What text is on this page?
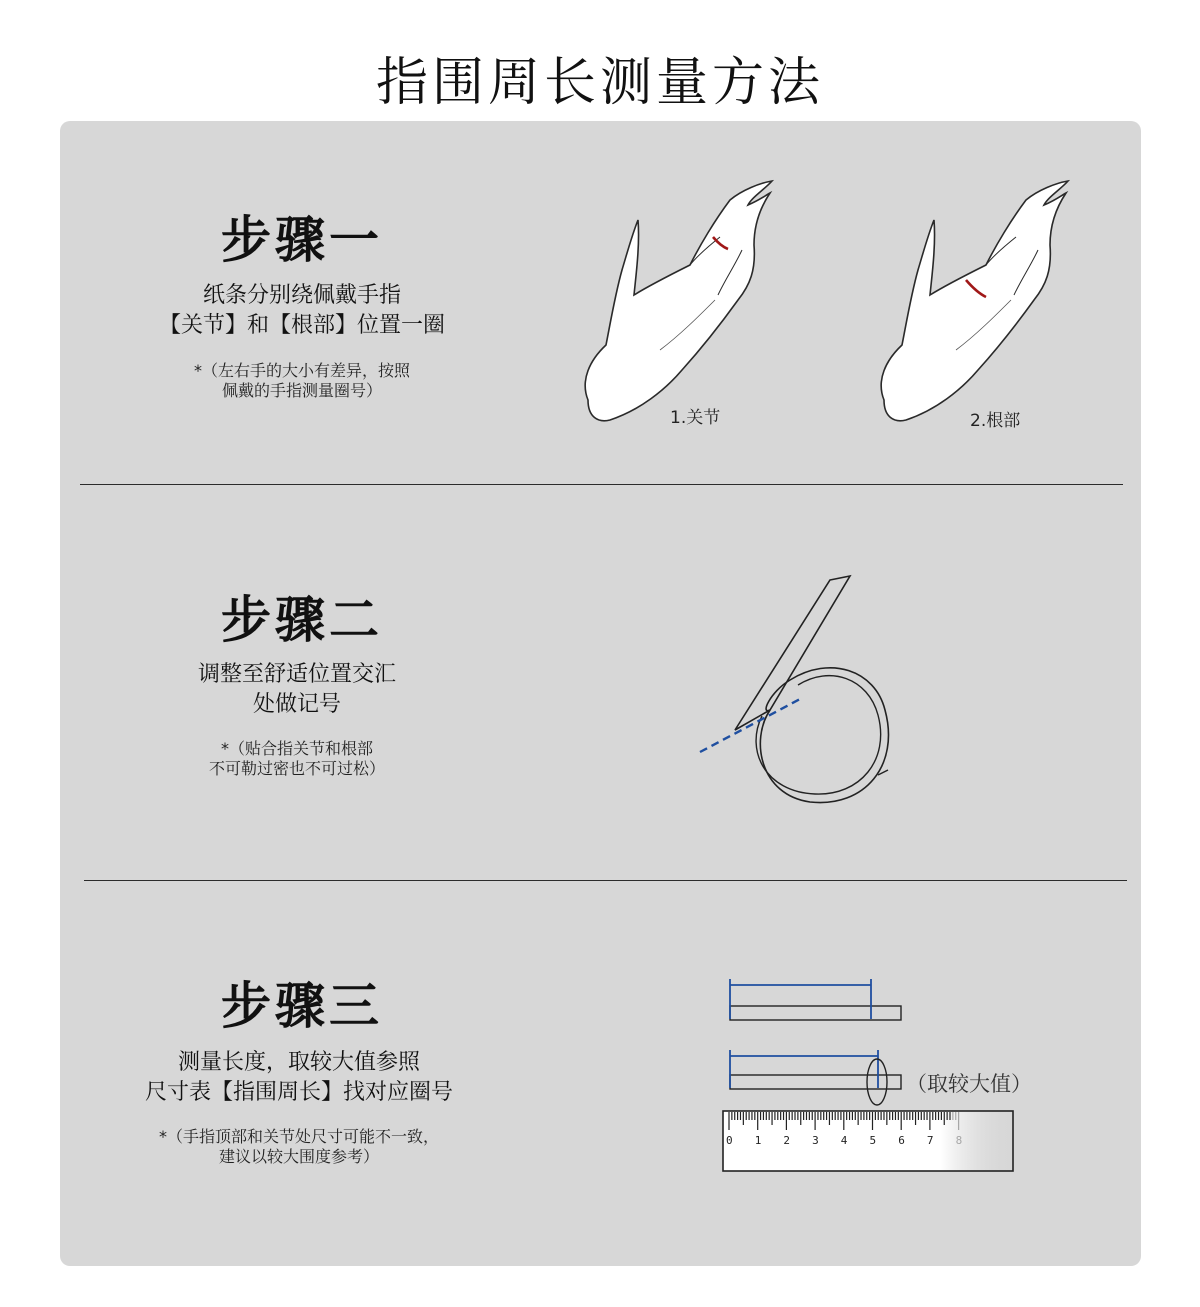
指围周长测量方法
步骤一
纸条分别绕佩戴手指
【关节】和【根部】位置一圈
*（左右手的大小有差异，按照
佩戴的手指测量圈号）
1.关节	2.根部
步骤二
调整至舒适位置交汇
处做记号
*（贴合指关节和根部
不可勒过密也不可过松）
步骤三
测量长度，取较大值参照
尺寸表【指围周长】找对应圈号
*（手指顶部和关节处尺寸可能不一致，
建议以较大围度参考）
0 1 2 3 4 5 6 7 8
（取较大值）
